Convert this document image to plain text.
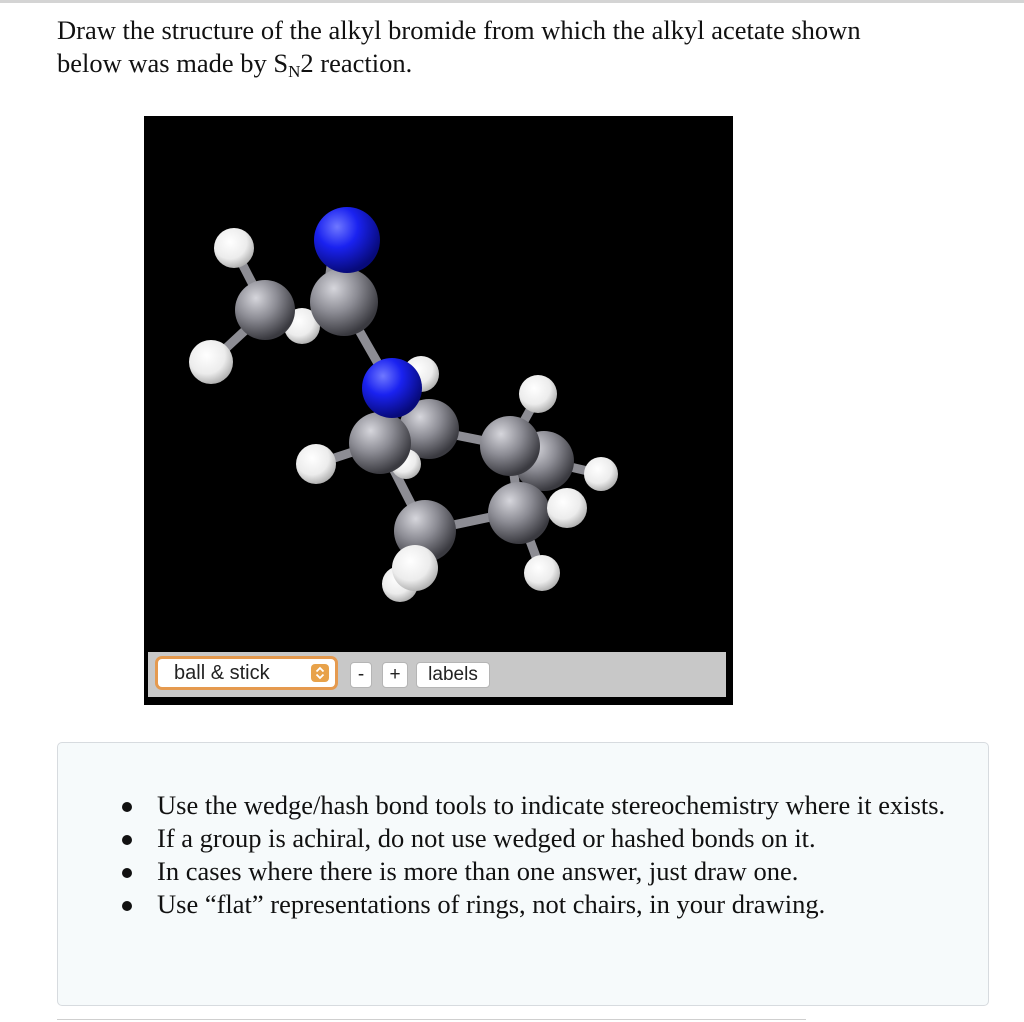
Draw the structure of the alkyl bromide from which the alkyl acetate shown
below was made by $S_N2$ reaction.
ball & stick	-	+	labels
Use the wedge/hash bond tools to indicate stereochemistry where it exists.
If a group is achiral, do not use wedged or hashed bonds on it.
In cases where there is more than one answer, just draw one.
Use “flat” representations of rings, not chairs, in your drawing.
